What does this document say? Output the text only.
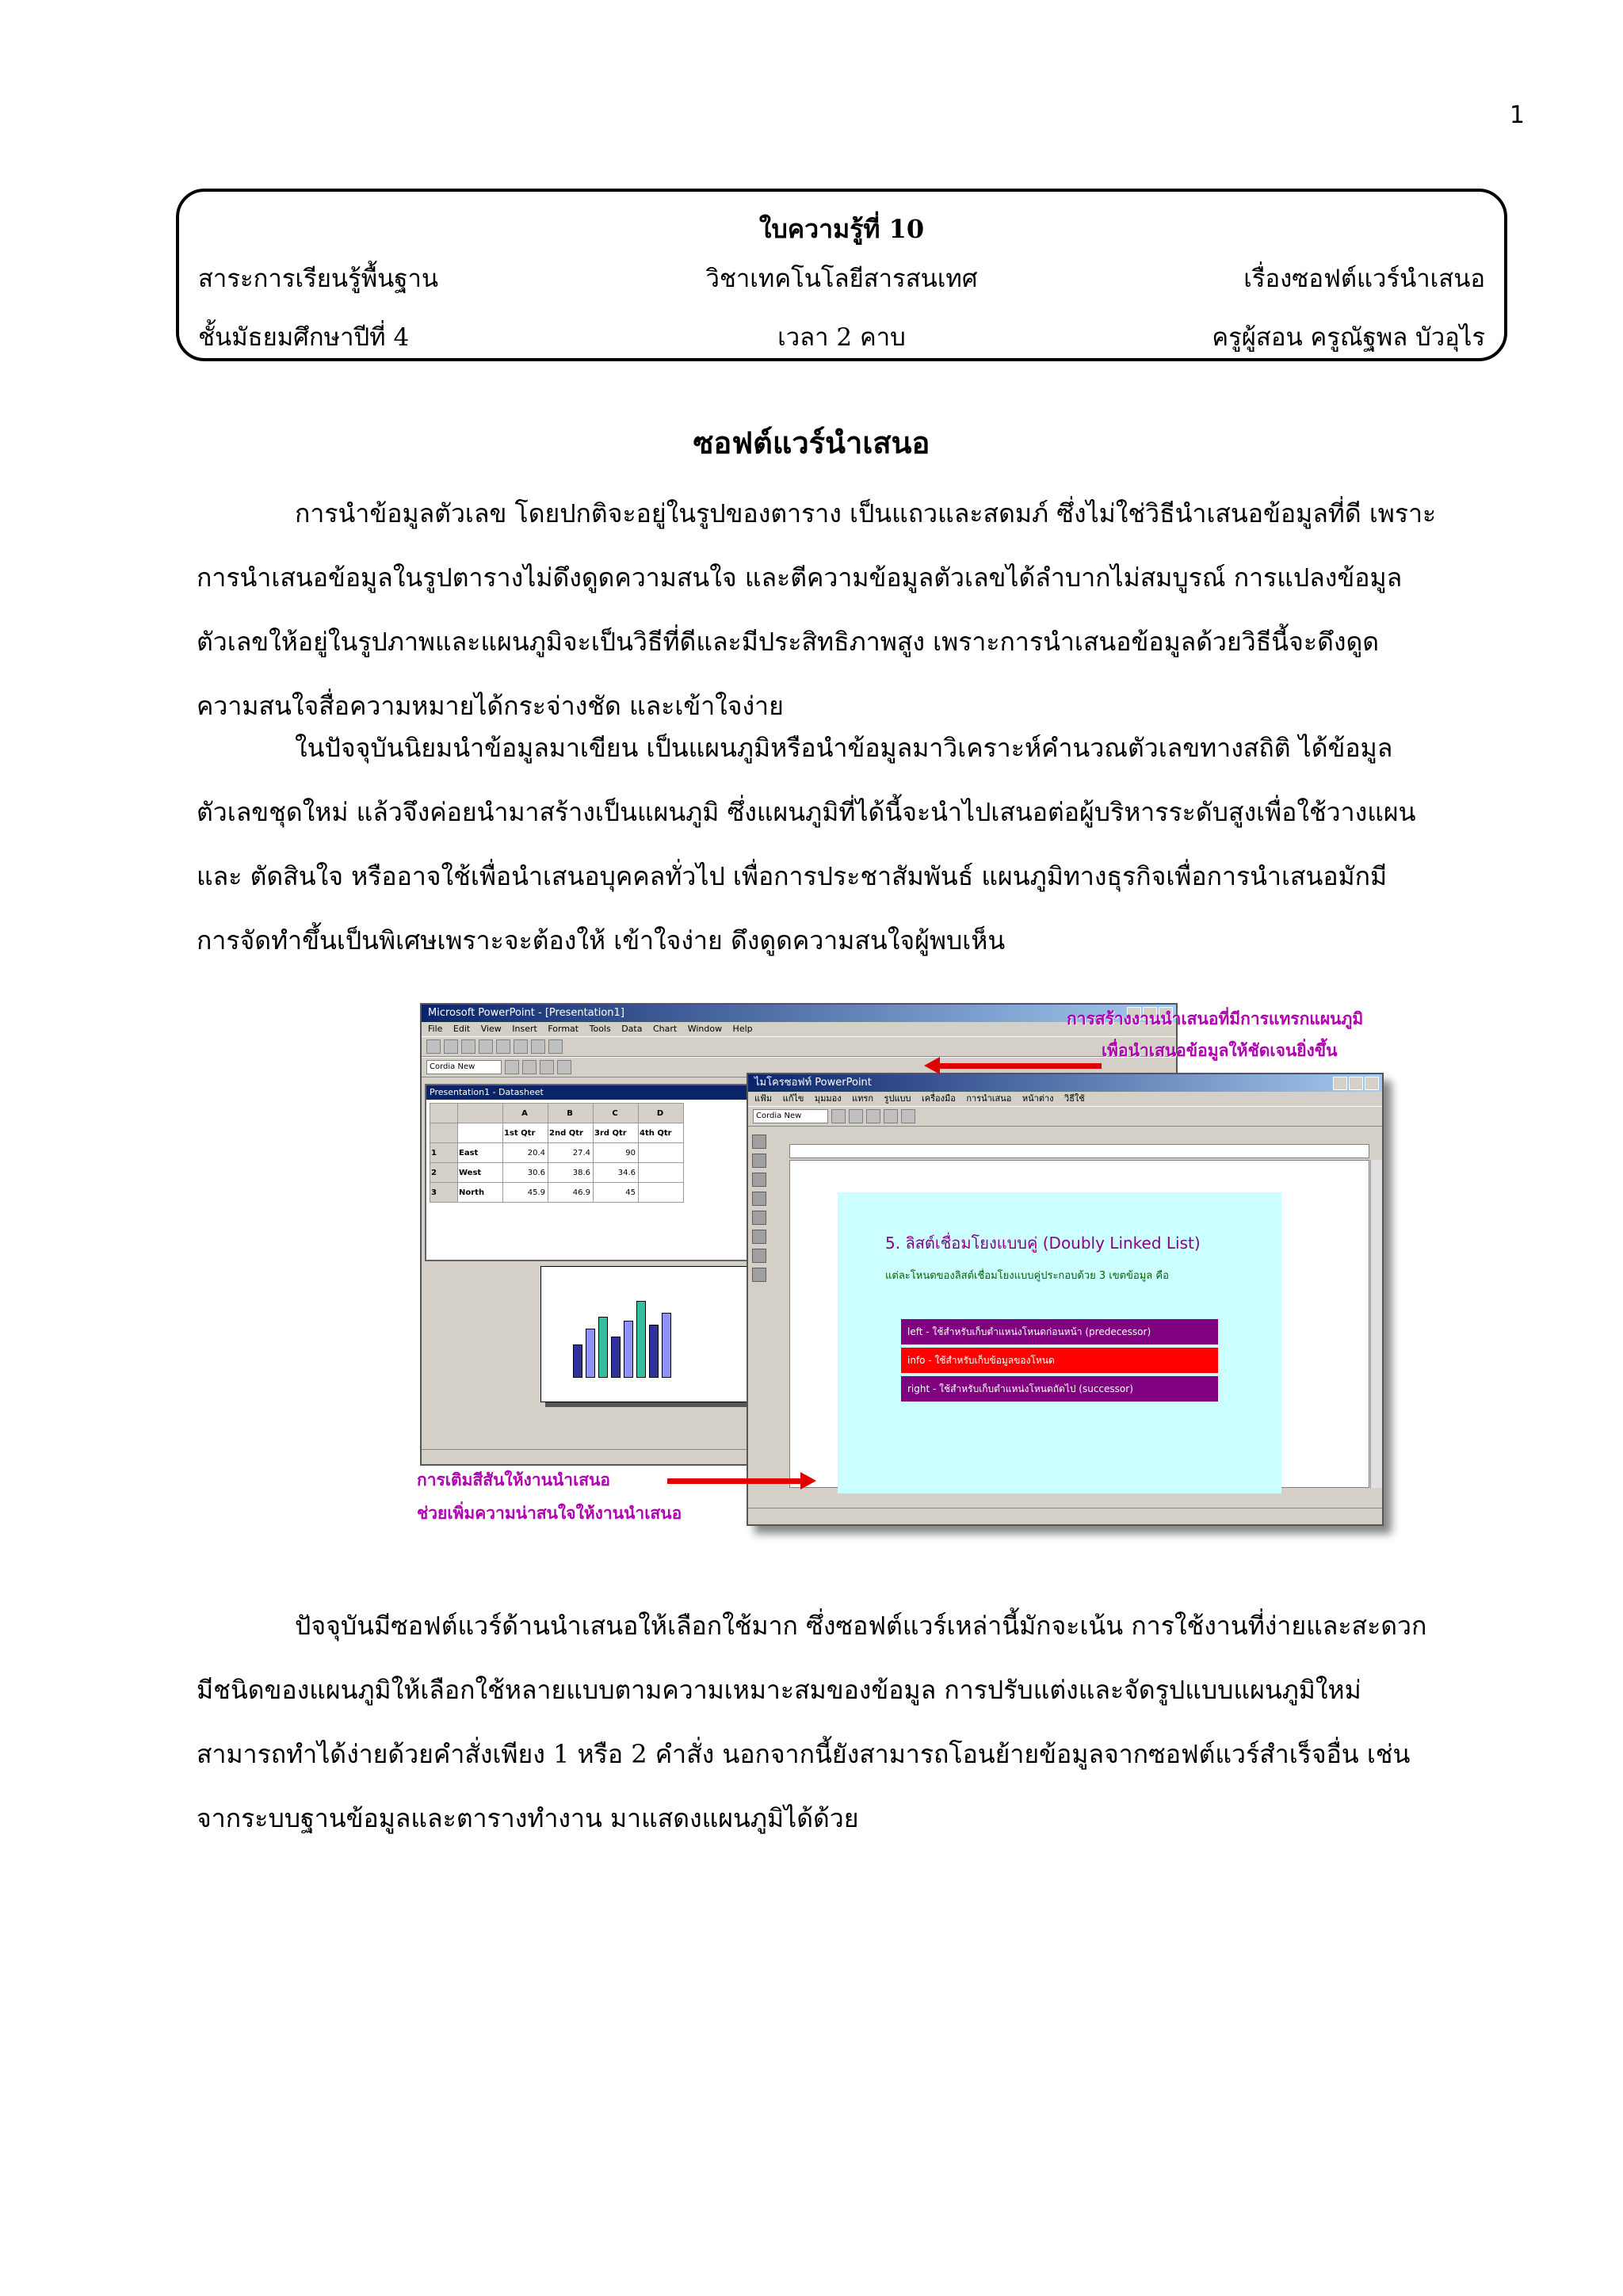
1
ใบความรู้ที่ 10
สาระการเรียนรู้พื้นฐาน	วิชาเทคโนโลยีสารสนเทศ	เรื่องซอฟต์แวร์นำเสนอ
ชั้นมัธยมศึกษาปีที่ 4	เวลา 2 คาบ	ครูผู้สอน ครูณัฐพล บัวอุไร
ซอฟต์แวร์นำเสนอ
การนำข้อมูลตัวเลข โดยปกติจะอยู่ในรูปของตาราง เป็นแถวและสดมภ์ ซึ่งไม่ใช่วิธีนำเสนอข้อมูลที่ดี เพราะ
การนำเสนอข้อมูลในรูปตารางไม่ดึงดูดความสนใจ และตีความข้อมูลตัวเลขได้ลำบากไม่สมบูรณ์ การแปลงข้อมูล
ตัวเลขให้อยู่ในรูปภาพและแผนภูมิจะเป็นวิธีที่ดีและมีประสิทธิภาพสูง เพราะการนำเสนอข้อมูลด้วยวิธีนี้จะดึงดูด
ความสนใจสื่อความหมายได้กระจ่างชัด และเข้าใจง่าย
ในปัจจุบันนิยมนำข้อมูลมาเขียน เป็นแผนภูมิหรือนำข้อมูลมาวิเคราะห์คำนวณตัวเลขทางสถิติ ได้ข้อมูล
ตัวเลขชุดใหม่ แล้วจึงค่อยนำมาสร้างเป็นแผนภูมิ ซึ่งแผนภูมิที่ได้นี้จะนำไปเสนอต่อผู้บริหารระดับสูงเพื่อใช้วางแผน
และ ตัดสินใจ หรืออาจใช้เพื่อนำเสนอบุคคลทั่วไป เพื่อการประชาสัมพันธ์ แผนภูมิทางธุรกิจเพื่อการนำเสนอมักมี
การจัดทำขึ้นเป็นพิเศษเพราะจะต้องให้ เข้าใจง่าย ดึงดูดความสนใจผู้พบเห็น
Microsoft PowerPoint - [Presentation1]
File Edit View Insert Format Tools Data Chart Window Help
Cordia New
Presentation1 - Datasheet
		A	B	C	D
		1st Qtr	2nd Qtr	3rd Qtr	4th Qtr
1	East	20.4	27.4	90	
2	West	30.6	38.6	34.6	
3	North	45.9	46.9	45	
ไมโครซอฟท์ PowerPoint
แฟ้ม แก้ไข มุมมอง แทรก รูปแบบ เครื่องมือ การนำเสนอ หน้าต่าง วิธีใช้
Cordia New
5. ลิสต์เชื่อมโยงแบบคู่ (Doubly Linked List)
แต่ละโหนดของลิสต์เชื่อมโยงแบบคู่ประกอบด้วย 3 เขตข้อมูล คือ
left - ใช้สำหรับเก็บตำแหน่งโหนดก่อนหน้า (predecessor)
info - ใช้สำหรับเก็บข้อมูลของโหนด
right - ใช้สำหรับเก็บตำแหน่งโหนดถัดไป (successor)
การสร้างงานนำเสนอที่มีการแทรกแผนภูมิ
เพื่อนำเสนอข้อมูลให้ชัดเจนยิ่งขึ้น
การเติมสีสันให้งานนำเสนอ
ช่วยเพิ่มความน่าสนใจให้งานนำเสนอ
ปัจจุบันมีซอฟต์แวร์ด้านนำเสนอให้เลือกใช้มาก ซึ่งซอฟต์แวร์เหล่านี้มักจะเน้น การใช้งานที่ง่ายและสะดวก
มีชนิดของแผนภูมิให้เลือกใช้หลายแบบตามความเหมาะสมของข้อมูล การปรับแต่งและจัดรูปแบบแผนภูมิใหม่
สามารถทำได้ง่ายด้วยคำสั่งเพียง 1 หรือ 2 คำสั่ง นอกจากนี้ยังสามารถโอนย้ายข้อมูลจากซอฟต์แวร์สำเร็จอื่น เช่น
จากระบบฐานข้อมูลและตารางทำงาน มาแสดงแผนภูมิได้ด้วย
